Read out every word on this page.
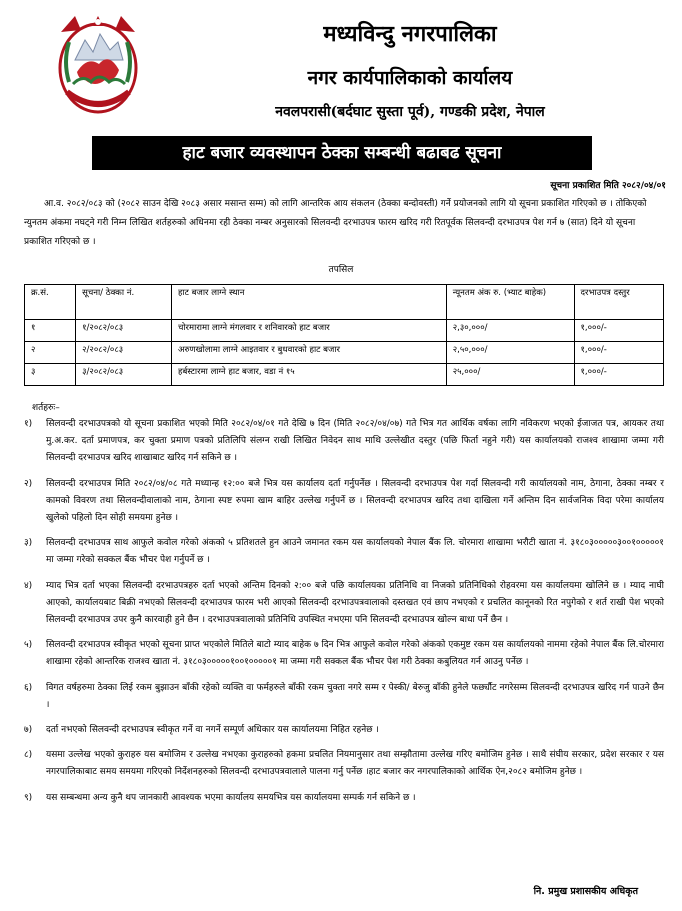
मध्यविन्दु नगरपालिका
नगर कार्यपालिकाको कार्यालय
नवलपरासी(बर्दघाट सुस्ता पूर्व), गण्डकी प्रदेश, नेपाल
हाट बजार व्यवस्थापन ठेक्का सम्बन्धी बढाबढ सूचना
सूचना प्रकाशित मिति २०८२/०४/०१
आ.व. २०८२/०८३ को (२०८२ साउन देखि २०८३ असार मसान्त सम्म) को लागि आन्तरिक आय संकलन (ठेक्का बन्दोवस्ती) गर्ने प्रयोजनको लागि यो सूचना प्रकाशित गरिएको छ । तोकिएको न्युनतम अंकमा नघट्ने गरी निम्न लिखित शर्तहरुको अधिनमा रही ठेक्का नम्बर अनुसारको सिलवन्दी दरभाउपत्र फारम खरिद गरी रितपूर्वक सिलवन्दी दरभाउपत्र पेश गर्न ७ (सात) दिने यो सूचना प्रकाशित गरिएको छ ।
तपसिल
क्र.सं.	सूचना/ ठेक्का नं.	हाट बजार लाग्ने स्थान	न्यूनतम अंक रु. (भ्याट बाहेक)	दरभाउपत्र दस्तुर
१	१/२०८२/०८३	चोरमारामा लाग्ने मंगलवार र शनिवारको हाट बजार	२,३०,०००/	१,०००/-
२	२/२०८२/०८३	अरुणखोलामा लाग्ने आइतवार र बुधवारको हाट बजार	२,५०,०००/	१,०००/-
३	३/२०८२/०८३	हर्बस्टारमा लाग्ने हाट बजार, वडा नं १५	२५,०००/	१,०००/-
शर्तहरुः–
१)	सिलवन्दी दरभाउपत्रको यो सूचना प्रकाशित भएको मिति २०८२/०४/०१ गते देखि ७ दिन (मिति २०८२/०४/०७) गते भित्र गत आर्थिक वर्षका लागि नविकरण भएको ईजाजत पत्र, आयकर तथा मु.अ.कर. दर्ता प्रमाणपत्र, कर चुक्ता प्रमाण पत्रको प्रतिलिपि संलग्न राखी लिखित निवेदन साथ माथि उल्लेखीत दस्तुर (पछि फिर्ता नहुने गरी) यस कार्यालयको राजश्व शाखामा जम्मा गरी सिलवन्दी दरभाउपत्र खरिद शाखाबाट खरिद गर्न सकिने छ ।
२)	सिलवन्दी दरभाउपत्र मिति २०८२/०४/०८ गते मध्यान्ह १२:०० बजे भित्र यस कार्यालय दर्ता गर्नुपर्नेछ । सिलवन्दी दरभाउपत्र पेश गर्दा सिलवन्दी गरी कार्यालयको नाम, ठेगाना, ठेक्का नम्बर र कामको विवरण तथा सिलवन्दीवालाको नाम, ठेगाना स्पष्ट रुपमा खाम बाहिर उल्लेख गर्नुपर्ने छ । सिलवन्दी दरभाउपत्र खरिद तथा दाखिला गर्ने अन्तिम दिन सार्वजनिक विदा परेमा कार्यालय खुलेको पहिलो दिन सोही समयमा हुनेछ ।
३)	सिलवन्दी दरभाउपत्र साथ आफुले कवोल गरेको अंकको ५ प्रतिशतले हुन आउने जमानत रकम यस कार्यालयको नेपाल बैंक लि. चोरमारा शाखामा भरौटी खाता नं. ३१८०३०००००३००१०००००१ मा जम्मा गरेको सक्कल बैंक भौचर पेश गर्नुपर्ने छ ।
४)	म्याद भित्र दर्ता भएका सिलवन्दी दरभाउपत्रहरु दर्ता भएको अन्तिम दिनको २:०० बजे पछि कार्यालयका प्रतिनिधि वा निजको प्रतिनिधिको रोहवरमा यस कार्यालयमा खोलिने छ । म्याद नाघी आएको, कार्यालयबाट बिक्री नभएको सिलवन्दी दरभाउपत्र फारम भरी आएको सिलवन्दी दरभाउपत्रवालाको दस्तखत एवं छाप नभएको र प्रचलित कानूनको रित नपुगेको र शर्त राखी पेश भएको सिलवन्दी दरभाउपत्र उपर कुनै कारवाही हुने छैन । दरभाउपत्रवालाको प्रतिनिधि उपस्थित नभएमा पनि सिलवन्दी दरभाउपत्र खोल्न बाधा पर्ने छैन ।
५)	सिलवन्दी दरभाउपत्र स्वीकृत भएको सूचना प्राप्त भएकोले मितिले बाटो म्याद बाहेक ७ दिन भित्र आफुले कवोल गरेको अंकको एकमुष्ट रकम यस कार्यालयको नाममा रहेको नेपाल बैंक लि.चोरमारा शाखामा रहेको आन्तरिक राजश्व खाता नं. ३१८०३०००००१००१०००००१ मा जम्मा गरी सक्कल बैंक भौचर पेश गरी ठेक्का कबुलियत गर्न आउनु पर्नेछ ।
६)	विगत वर्षहरुमा ठेक्का लिई रकम बुझाउन बाँकी रहेको व्यक्ति वा फर्महरुले बाँकी रकम चुक्ता नगरे सम्म र पेस्की/ बेरुजु बाँकी हुनेले फर्छ्यौट नगरेसम्म सिलवन्दी दरभाउपत्र खरिद गर्न पाउने छैन ।
७)	दर्ता नभएको सिलवन्दी दरभाउपत्र स्वीकृत गर्ने वा नगर्ने सम्पूर्ण अधिकार यस कार्यालयमा निहित रहनेछ ।
८)	यसमा उल्लेख भएको कुराहरु यस बमोजिम र उल्लेख नभएका कुराहरुको हकमा प्रचलित नियमानुसार तथा सम्झौतामा उल्लेख गरिए बमोजिम हुनेछ । साथै संघीय सरकार, प्रदेश सरकार र यस नगरपालिकाबाट समय समयमा गरिएको निर्देशनहरुको सिलवन्दी दरभाउपत्रवालाले पालना गर्नु पर्नेछ ।हाट बजार कर नगरपालिकाको आर्थिक ऐन,२०८२ बमोजिम हुनेछ ।
९)	यस सम्बन्धमा अन्य कुनै थप जानकारी आवश्यक भएमा कार्यालय समयभित्र यस कार्यालयमा सम्पर्क गर्न सकिने छ ।
नि. प्रमुख प्रशासकीय अधिकृत
